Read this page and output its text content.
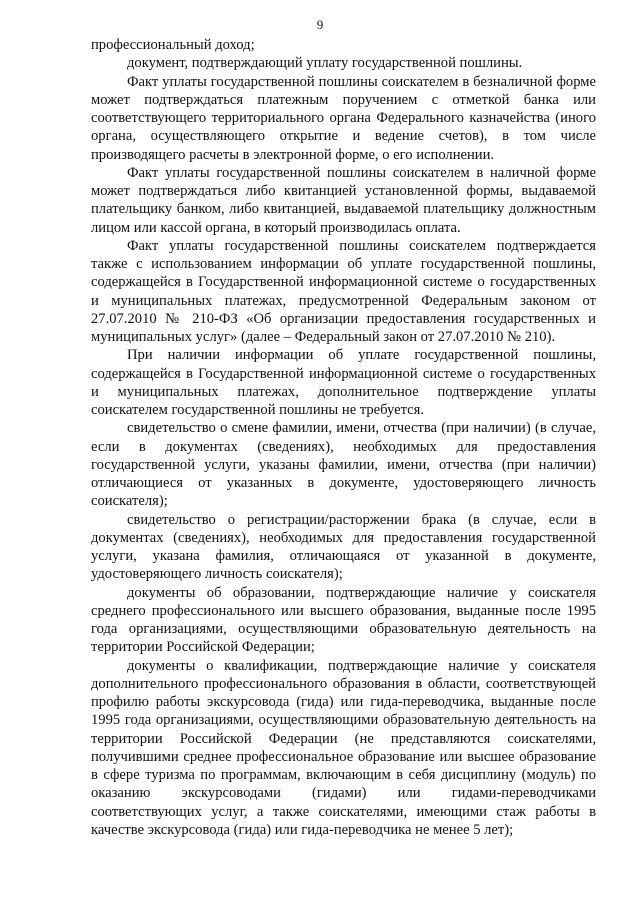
9

профессиональный доход;

документ, подтверждающий уплату государственной пошлины.

Факт уплаты государственной пошлины соискателем в безналичной форме может подтверждаться платежным поручением с отметкой банка или соответствующего территориального органа Федерального казначейства (иного органа, осуществляющего открытие и ведение счетов), в том числе производящего расчеты в электронной форме, о его исполнении.

Факт уплаты государственной пошлины соискателем в наличной форме может подтверждаться либо квитанцией установленной формы, выдаваемой плательщику банком, либо квитанцией, выдаваемой плательщику должностным лицом или кассой органа, в который производилась оплата.

Факт уплаты государственной пошлины соискателем подтверждается также с использованием информации об уплате государственной пошлины, содержащейся в Государственной информационной системе о государственных и муниципальных платежах, предусмотренной Федеральным законом от 27.07.2010 № 210-ФЗ «Об организации предоставления государственных и муниципальных услуг» (далее – Федеральный закон от 27.07.2010 № 210).

При наличии информации об уплате государственной пошлины, содержащейся в Государственной информационной системе о государственных и муниципальных платежах, дополнительное подтверждение уплаты соискателем государственной пошлины не требуется.

свидетельство о смене фамилии, имени, отчества (при наличии) (в случае, если в документах (сведениях), необходимых для предоставления государственной услуги, указаны фамилии, имени, отчества (при наличии) отличающиеся от указанных в документе, удостоверяющего личность соискателя);

свидетельство о регистрации/расторжении брака (в случае, если в документах (сведениях), необходимых для предоставления государственной услуги, указана фамилия, отличающаяся от указанной в документе, удостоверяющего личность соискателя);

документы об образовании, подтверждающие наличие у соискателя среднего профессионального или высшего образования, выданные после 1995 года организациями, осуществляющими образовательную деятельность на территории Российской Федерации;

документы о квалификации, подтверждающие наличие у соискателя дополнительного профессионального образования в области, соответствующей профилю работы экскурсовода (гида) или гида-переводчика, выданные после 1995 года организациями, осуществляющими образовательную деятельность на территории Российской Федерации (не представляются соискателями, получившими среднее профессиональное образование или высшее образование в сфере туризма по программам, включающим в себя дисциплину (модуль) по оказанию экскурсоводами (гидами) или гидами-переводчиками соответствующих услуг, а также соискателями, имеющими стаж работы в качестве экскурсовода (гида) или гида-переводчика не менее 5 лет);
